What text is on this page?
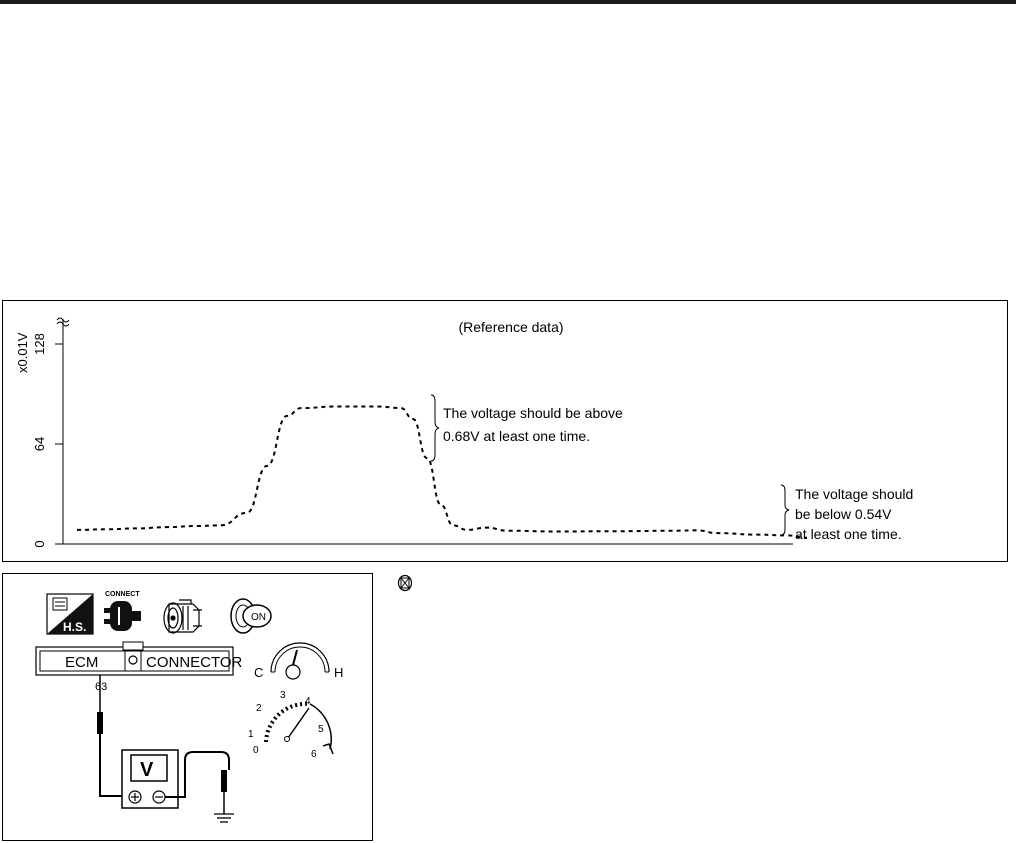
0
64
128
x0.01V
(Reference data)
The voltage should be above
0.68V at least one time.
The voltage should
be below 0.54V
at least one time.
H.S.
CONNECT
ON
ECM	CONNECTOR
63
V
C	H
0
1
2
3
4
5
6
